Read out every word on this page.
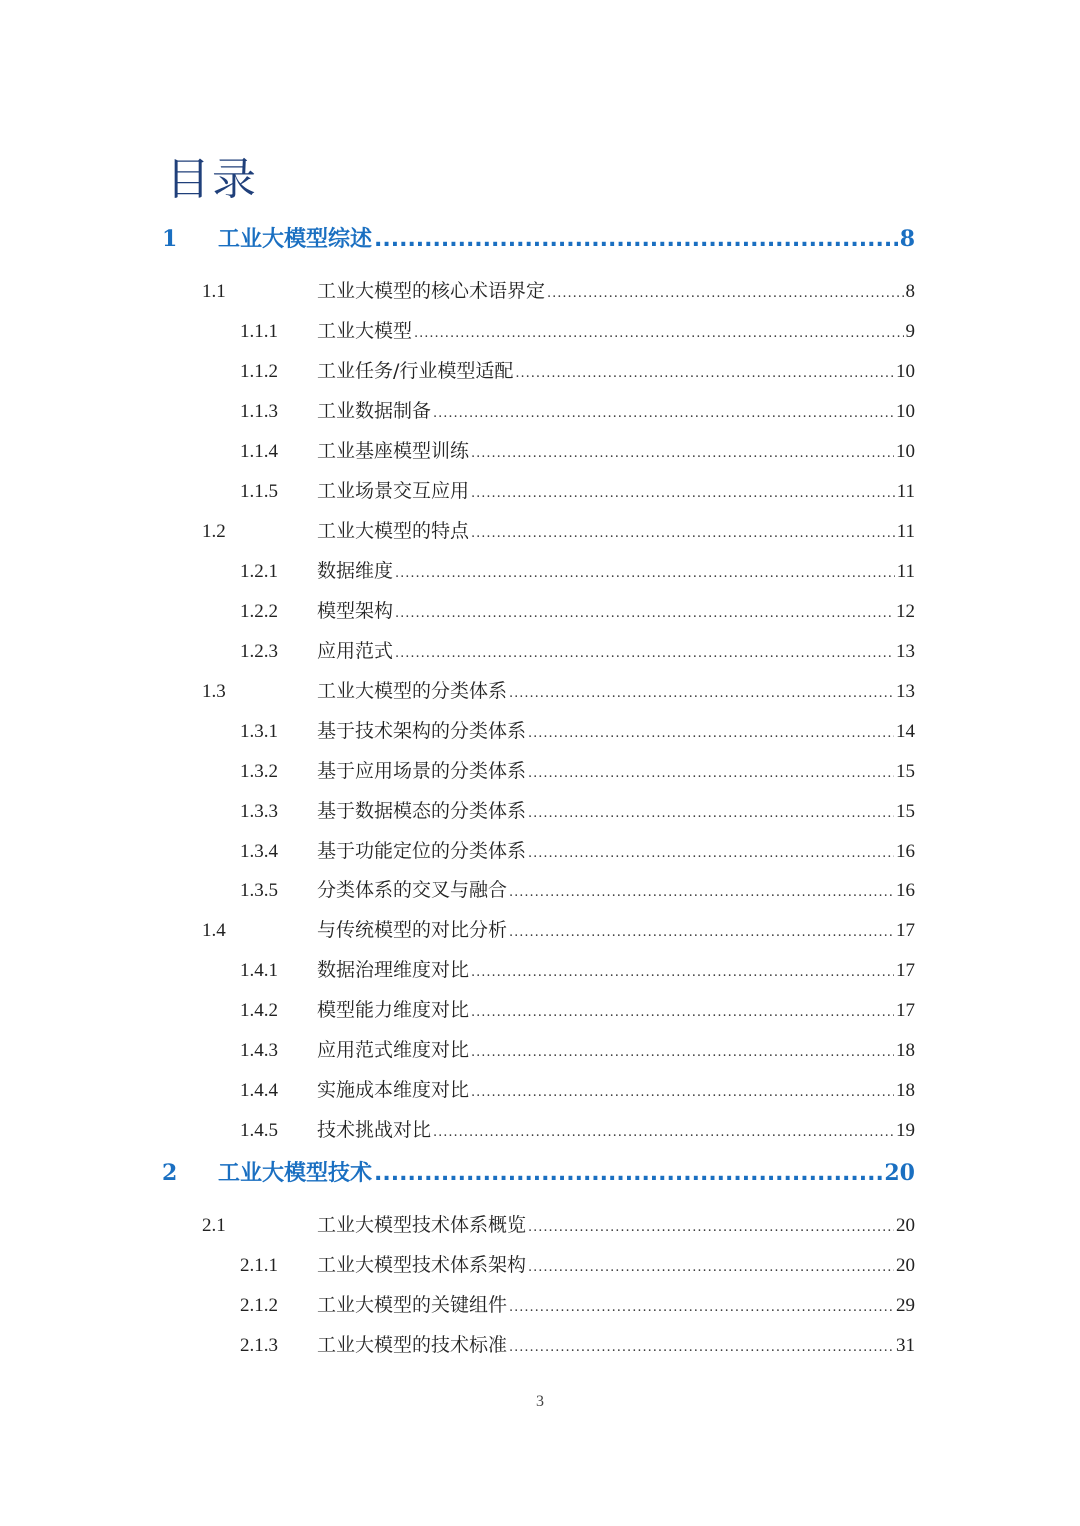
目录
1	工业大模型综述 .....	8
1.1	工业大模型的核心术语界定 .....	8
1.1.1	工业大模型 .....	9
1.1.2	工业任务/行业模型适配 .....	10
1.1.3	工业数据制备 .....	10
1.1.4	工业基座模型训练 .....	10
1.1.5	工业场景交互应用 .....	11
1.2	工业大模型的特点 .....	11
1.2.1	数据维度 .....	11
1.2.2	模型架构 .....	12
1.2.3	应用范式 .....	13
1.3	工业大模型的分类体系 .....	13
1.3.1	基于技术架构的分类体系 .....	14
1.3.2	基于应用场景的分类体系 .....	15
1.3.3	基于数据模态的分类体系 .....	15
1.3.4	基于功能定位的分类体系 .....	16
1.3.5	分类体系的交叉与融合 .....	16
1.4	与传统模型的对比分析 .....	17
1.4.1	数据治理维度对比 .....	17
1.4.2	模型能力维度对比 .....	17
1.4.3	应用范式维度对比 .....	18
1.4.4	实施成本维度对比 .....	18
1.4.5	技术挑战对比 .....	19
2	工业大模型技术 .....	20
2.1	工业大模型技术体系概览 .....	20
2.1.1	工业大模型技术体系架构 .....	20
2.1.2	工业大模型的关键组件 .....	29
2.1.3	工业大模型的技术标准 .....	31
3
